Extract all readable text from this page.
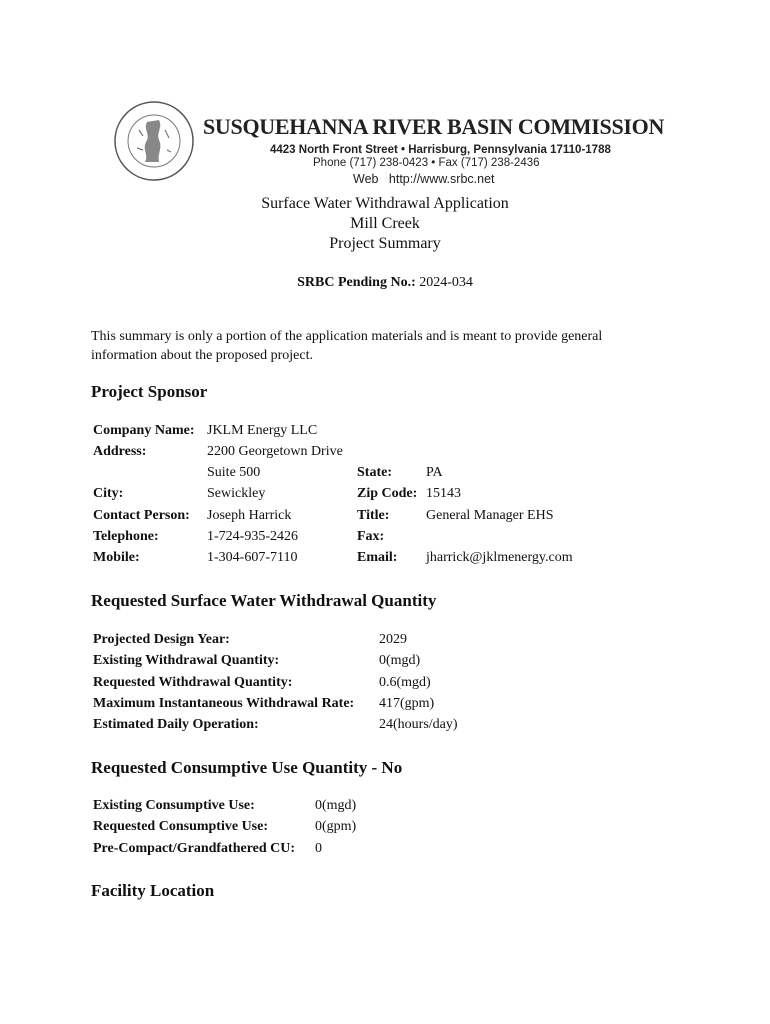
SUSQUEHANNA RIVER BASIN COMMISSION
4423 North Front Street • Harrisburg, Pennsylvania 17110-1788
Phone (717) 238-0423 • Fax (717) 238-2436
Web   http://www.srbc.net
Surface Water Withdrawal Application
Mill Creek
Project Summary
SRBC Pending No.: 2024-034
This summary is only a portion of the application materials and is meant to provide general information about the proposed project.
Project Sponsor
Company Name: JKLM Energy LLC
Address:	2200 Georgetown Drive
Suite 500	State: PA
City:	Sewickley	Zip Code: 15143
Contact Person: Joseph Harrick	Title:	General Manager EHS
Telephone:	1-724-935-2426	Fax:
Mobile:	1-304-607-7110	Email: jharrick@jklmenergy.com
Requested Surface Water Withdrawal Quantity
Projected Design Year:	2029
Existing Withdrawal Quantity:	0(mgd)
Requested Withdrawal Quantity:	0.6(mgd)
Maximum Instantaneous Withdrawal Rate: 417(gpm)
Estimated Daily Operation:	24(hours/day)
Requested Consumptive Use Quantity - No
Existing Consumptive Use:	0(mgd)
Requested Consumptive Use:	0(gpm)
Pre-Compact/Grandfathered CU: 0
Facility Location
